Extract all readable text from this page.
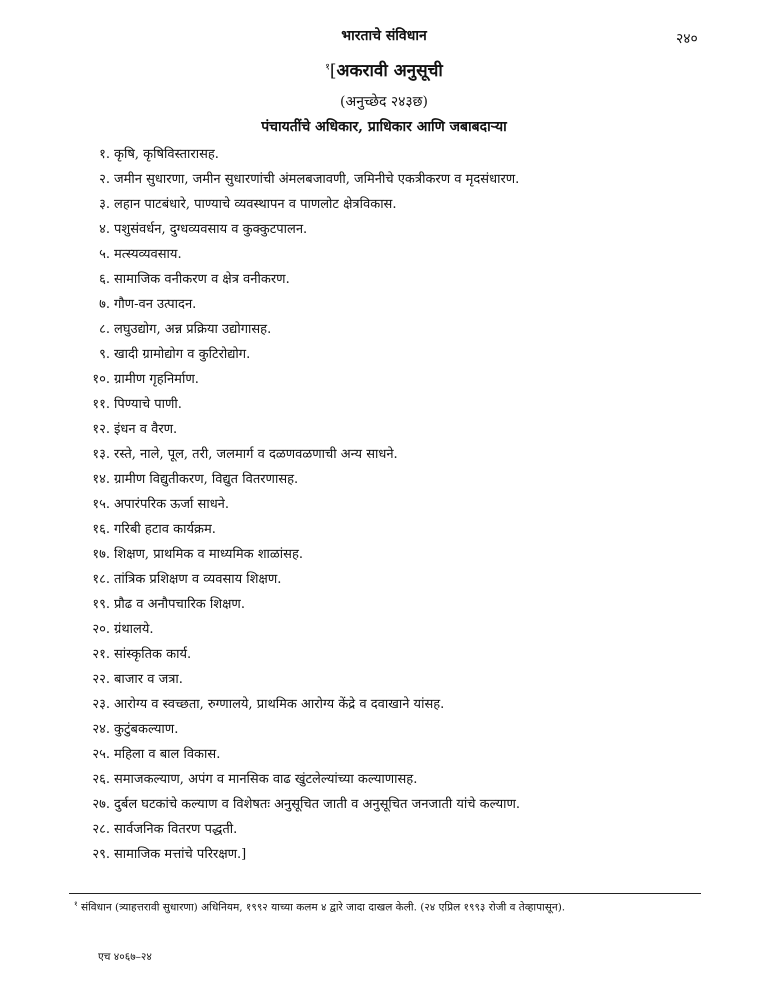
भारताचे संविधान	२४०
$^१$[अकरावी अनुसूची
(अनुच्छेद २४३छ)
पंचायतींचे अधिकार, प्राधिकार आणि जबाबदाऱ्या
१. कृषि, कृषिविस्तारासह.
२. जमीन सुधारणा, जमीन सुधारणांची अंमलबजावणी, जमिनीचे एकत्रीकरण व मृदसंधारण.
३. लहान पाटबंधारे, पाण्याचे व्यवस्थापन व पाणलोट क्षेत्रविकास.
४. पशुसंवर्धन, दुग्धव्यवसाय व कुक्कुटपालन.
५. मत्स्यव्यवसाय.
६. सामाजिक वनीकरण व क्षेत्र वनीकरण.
७. गौण-वन उत्पादन.
८. लघुउद्योग, अन्न प्रक्रिया उद्योगासह.
९. खादी ग्रामोद्योग व कुटिरोद्योग.
१०. ग्रामीण गृहनिर्माण.
११. पिण्याचे पाणी.
१२. इंधन व वैरण.
१३. रस्ते, नाले, पूल, तरी, जलमार्ग व दळणवळणाची अन्य साधने.
१४. ग्रामीण विद्युतीकरण, विद्युत वितरणासह.
१५. अपारंपरिक ऊर्जा साधने.
१६. गरिबी हटाव कार्यक्रम.
१७. शिक्षण, प्राथमिक व माध्यमिक शाळांसह.
१८. तांत्रिक प्रशिक्षण व व्यवसाय शिक्षण.
१९. प्रौढ व अनौपचारिक शिक्षण.
२०. ग्रंथालये.
२१. सांस्कृतिक कार्य.
२२. बाजार व जत्रा.
२३. आरोग्य व स्वच्छता, रुग्णालये, प्राथमिक आरोग्य केंद्रे व दवाखाने यांसह.
२४. कुटुंबकल्याण.
२५. महिला व बाल विकास.
२६. समाजकल्याण, अपंग व मानसिक वाढ खुंटलेल्यांच्या कल्याणासह.
२७. दुर्बल घटकांचे कल्याण व विशेषतः अनुसूचित जाती व अनुसूचित जनजाती यांचे कल्याण.
२८. सार्वजनिक वितरण पद्धती.
२९. सामाजिक मत्तांचे परिरक्षण.]
$^१$ संविधान (त्र्याहत्तरावी सुधारणा) अधिनियम, १९९२ याच्या कलम ४ द्वारे जादा दाखल केली. (२४ एप्रिल १९९३ रोजी व तेव्हापासून).
एच ४०६७–२४
